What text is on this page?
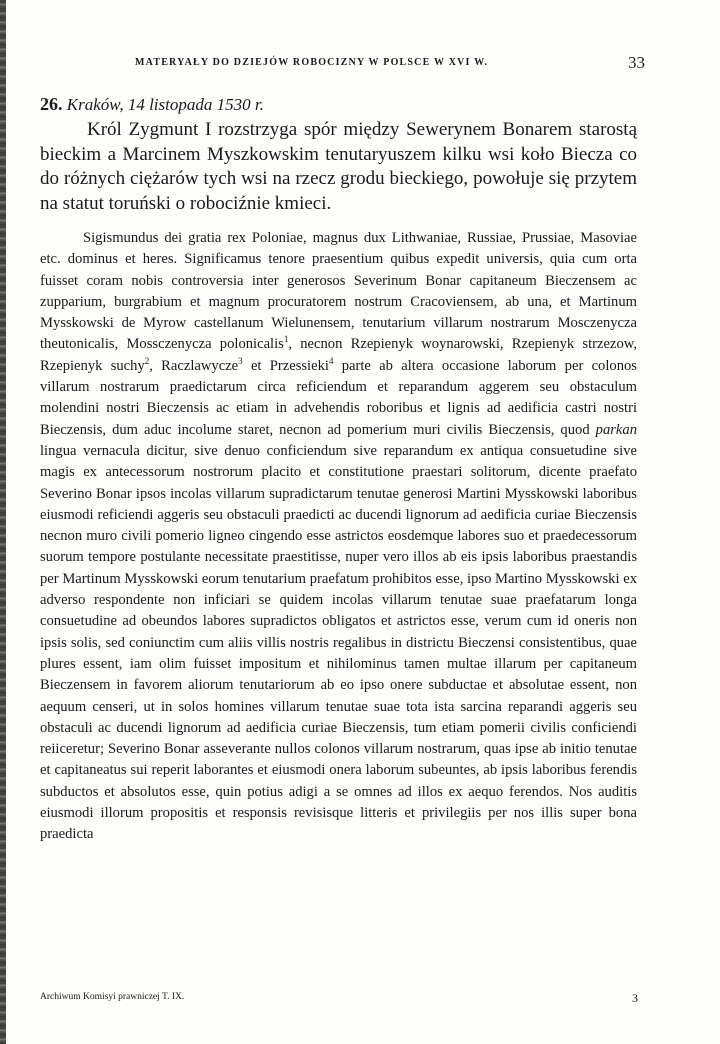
MATERYAŁY DO DZIEJÓW ROBOCIZNY W POLSCE W XVI W.	33
26. Kraków, 14 listopada 1530 r.

Król Zygmunt I rozstrzyga spór między Sewerynem Bonarem starostą bieckim a Marcinem Myszkowskim tenutaryuszem kilku wsi koło Biecza co do różnych ciężarów tych wsi na rzecz grodu bieckiego, powołuje się przytem na statut toruński o robociźnie kmieci.

Sigismundus dei gratia rex Poloniae, magnus dux Lithwaniae, Russiae, Prussiae, Masoviae etc. dominus et heres. Significamus tenore praesentium quibus expedit universis, quia cum orta fuisset coram nobis controversia inter generosos Severinum Bonar capitaneum Bieczensem ac zupparium, burgrabium et magnum procuratorem nostrum Cracoviensem, ab una, et Martinum Mysskowski de Myrow castellanum Wielunensem, tenutarium villarum nostrarum Mosczenycza theutonicalis, Mossczenycza polonicalis$^1$, necnon Rzepienyk woynarowski, Rzepienyk strzezow, Rzepienyk suchy$^2$, Raczlawycze$^3$ et Przessieki$^4$ parte ab altera occasione laborum per colonos villarum nostrarum praedictarum circa reficiendum et reparandum aggerem seu obstaculum molendini nostri Bieczensis ac etiam in advehendis roboribus et lignis ad aedificia castri nostri Bieczensis, dum aduc incolume staret, necnon ad pomerium muri civilis Bieczensis, quod parkan lingua vernacula dicitur, sive denuo conficiendum sive reparandum ex antiqua consuetudine sive magis ex antecessorum nostrorum placito et constitutione praestari solitorum, dicente praefato Severino Bonar ipsos incolas villarum supradictarum tenutae generosi Martini Mysskowski laboribus eiusmodi reficiendi aggeris seu obstaculi praedicti ac ducendi lignorum ad aedificia curiae Bieczensis necnon muro civili pomerio ligneo cingendo esse astrictos eosdemque labores suo et praedecessorum suorum tempore postulante necessitate praestitisse, nuper vero illos ab eis ipsis laboribus praestandis per Martinum Mysskowski eorum tenutarium praefatum prohibitos esse, ipso Martino Mysskowski ex adverso respondente non inficiari se quidem incolas villarum tenutae suae praefatarum longa consuetudine ad obeundos labores supradictos obligatos et astrictos esse, verum cum id oneris non ipsis solis, sed coniunctim cum aliis villis nostris regalibus in districtu Bieczensi consistentibus, quae plures essent, iam olim fuisset impositum et nihilominus tamen multae illarum per capitaneum Bieczensem in favorem aliorum tenutariorum ab eo ipso onere subductae et absolutae essent, non aequum censeri, ut in solos homines villarum tenutae suae tota ista sarcina reparandi aggeris seu obstaculi ac ducendi lignorum ad aedificia curiae Bieczensis, tum etiam pomerii civilis conficiendi reiiceretur; Severino Bonar asseverante nullos colonos villarum nostrarum, quas ipse ab initio tenutae et capitaneatus sui reperit laborantes et eiusmodi onera laborum subeuntes, ab ipsis laboribus ferendis subductos et absolutos esse, quin potius adigi a se omnes ad illos ex aequo ferendos. Nos auditis eiusmodi illorum propositis et responsis revisisque litteris et privilegiis per nos illis super bona praedicta

Archiwum Komisyi prawniczej T. IX.	3
